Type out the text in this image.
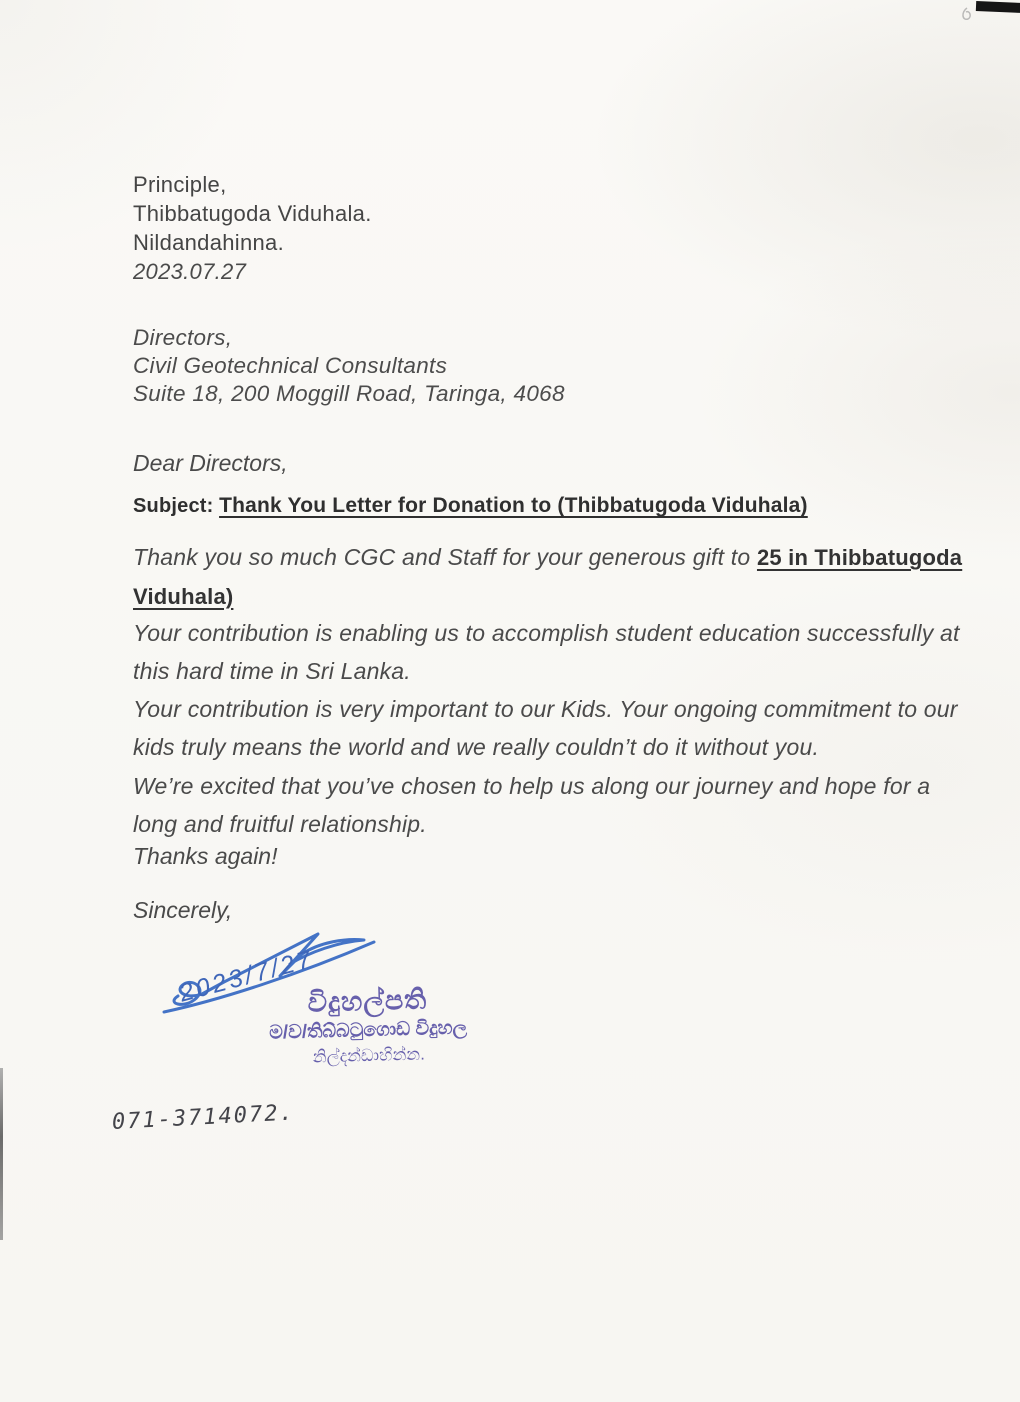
Principle,
Thibbatugoda Viduhala.
Nildandahinna.
2023.07.27
Directors,
Civil Geotechnical Consultants
Suite 18, 200 Moggill Road, Taringa, 4068
Dear Directors,
Subject: Thank You Letter for Donation to (Thibbatugoda Viduhala)
Thank you so much CGC and Staff for your generous gift to 25 in Thibbatugoda Viduhala)
Your contribution is enabling us to accomplish student education successfully at this hard time in Sri Lanka.
Your contribution is very important to our Kids. Your ongoing commitment to our kids truly means the world and we really couldn’t do it without you.
We’re excited that you’ve chosen to help us along our journey and hope for a long and fruitful relationship.
Thanks again!
Sincerely,
2023/7/27
විදුහල්පති
ම/ව/තිබ්බටුගොඩ විදුහල
නිල්දන්ඩාහින්න.
071-3714072.
